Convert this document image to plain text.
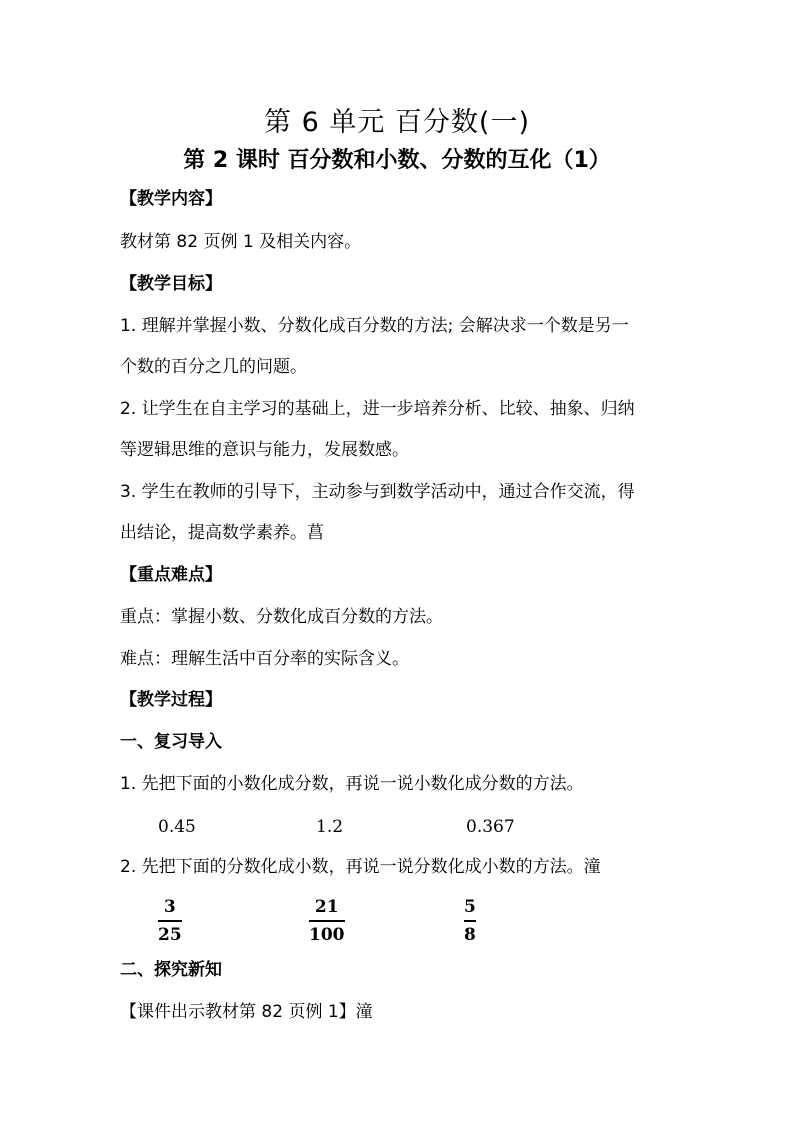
第 6 单元 百分数(一)
第 2 课时 百分数和小数、分数的互化（1）
【教学内容】
教材第 82 页例 1 及相关内容。
【教学目标】
1. 理解并掌握小数、分数化成百分数的方法; 会解决求一个数是另一
个数的百分之几的问题。
2. 让学生在自主学习的基础上，进一步培养分析、比较、抽象、归纳
等逻辑思维的意识与能力，发展数感。
3. 学生在教师的引导下，主动参与到数学活动中，通过合作交流，得
出结论，提高数学素养。菖
【重点难点】
重点：掌握小数、分数化成百分数的方法。
难点：理解生活中百分率的实际含义。
【教学过程】
一、复习导入
1. 先把下面的小数化成分数，再说一说小数化成分数的方法。
0.45	1.2	0.367
2. 先把下面的分数化成小数，再说一说分数化成小数的方法。潼
3
25
21
100
5
8
二、探究新知
【课件出示教材第 82 页例 1】潼
